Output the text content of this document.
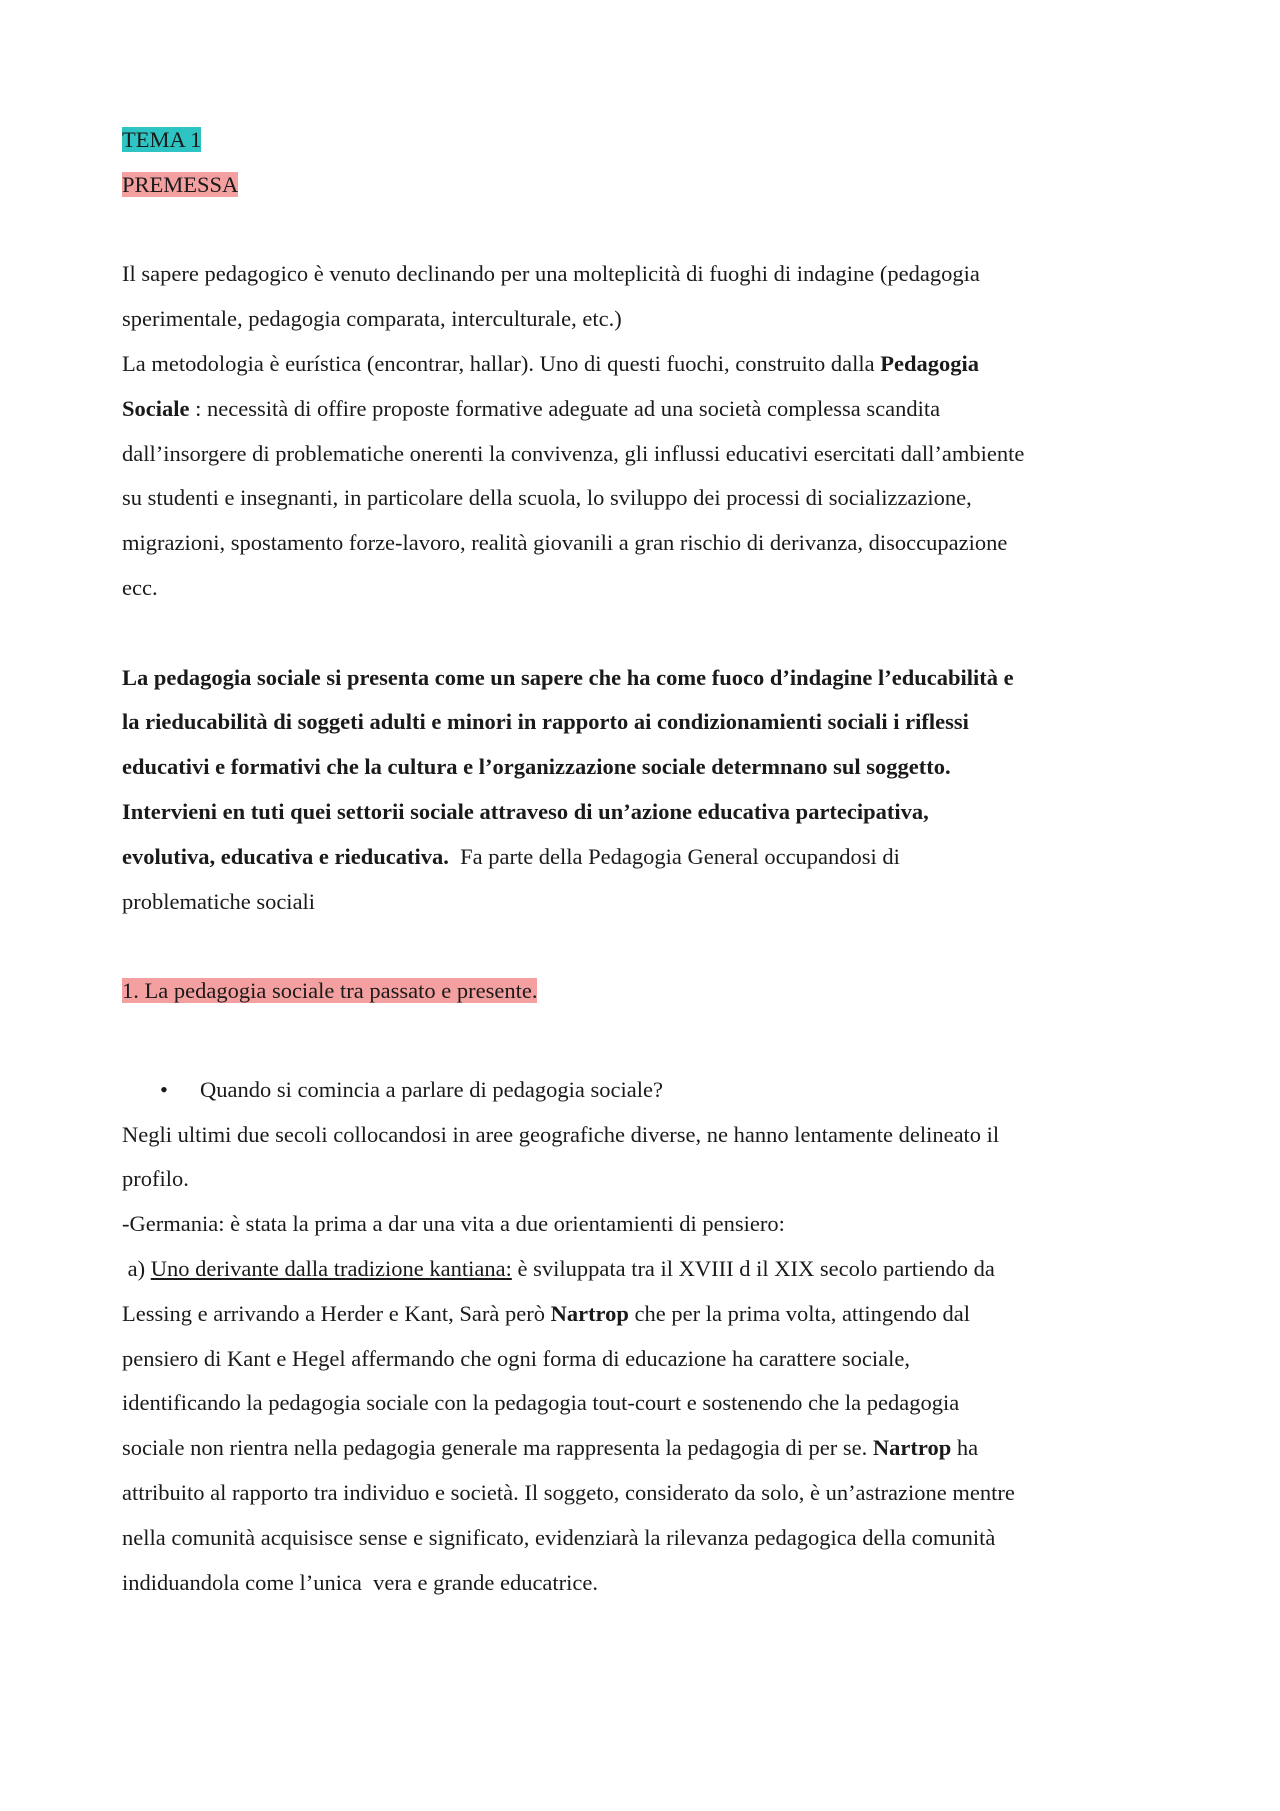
TEMA 1
PREMESSA
Il sapere pedagogico è venuto declinando per una molteplicità di fuoghi di indagine (pedagogia
sperimentale, pedagogia comparata, interculturale, etc.)
La metodologia è eurística (encontrar, hallar). Uno di questi fuochi, construito dalla Pedagogia
Sociale : necessità di offire proposte formative adeguate ad una società complessa scandita
dall’insorgere di problematiche onerenti la convivenza, gli influssi educativi esercitati dall’ambiente
su studenti e insegnanti, in particolare della scuola, lo sviluppo dei processi di socializzazione,
migrazioni, spostamento forze-lavoro, realità giovanili a gran rischio di derivanza, disoccupazione
ecc.
La pedagogia sociale si presenta come un sapere che ha come fuoco d’indagine l’educabilità e
la rieducabilità di soggeti adulti e minori in rapporto ai condizionamienti sociali i riflessi
educativi e formativi che la cultura e l’organizzazione sociale determnano sul soggetto.
Intervieni en tuti quei settorii sociale attraveso di un’azione educativa partecipativa,
evolutiva, educativa e rieducativa.  Fa parte della Pedagogia General occupandosi di
problematiche sociali
1. La pedagogia sociale tra passato e presente.
• Quando si comincia a parlare di pedagogia sociale?
Negli ultimi due secoli collocandosi in aree geografiche diverse, ne hanno lentamente delineato il
profilo.
-Germania: è stata la prima a dar una vita a due orientamienti di pensiero:
a) Uno derivante dalla tradizione kantiana: è sviluppata tra il XVIII d il XIX secolo partiendo da
Lessing e arrivando a Herder e Kant, Sarà però Nartrop che per la prima volta, attingendo dal
pensiero di Kant e Hegel affermando che ogni forma di educazione ha carattere sociale,
identificando la pedagogia sociale con la pedagogia tout-court e sostenendo che la pedagogia
sociale non rientra nella pedagogia generale ma rappresenta la pedagogia di per se. Nartrop ha
attribuito al rapporto tra individuo e società. Il soggeto, considerato da solo, è un’astrazione mentre
nella comunità acquisisce sense e significato, evidenziarà la rilevanza pedagogica della comunità
indiduandola come l’unica  vera e grande educatrice.
